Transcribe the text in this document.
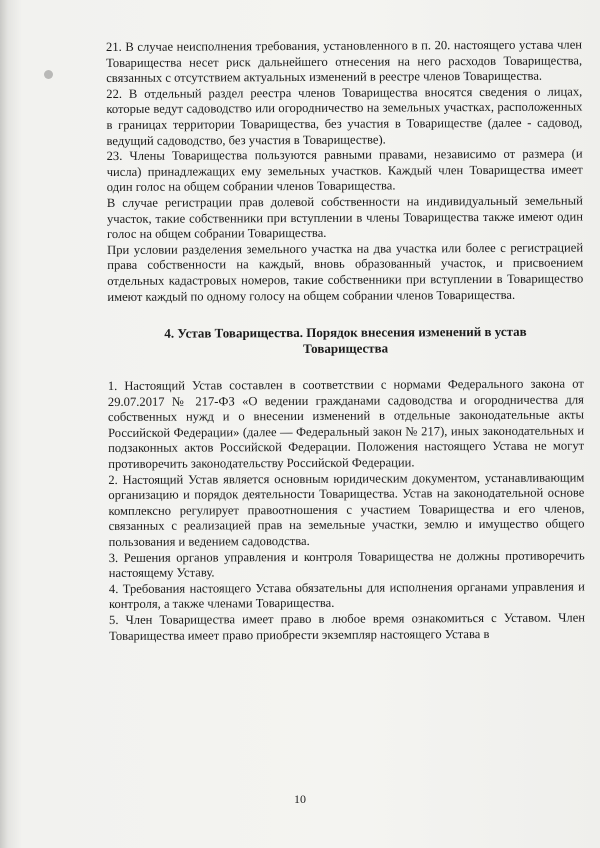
21. В случае неисполнения требования, установленного в п. 20. настоящего устава член Товарищества несет риск дальнейшего отнесения на него расходов Товарищества, связанных с отсутствием актуальных изменений в реестре членов Товарищества.

22. В отдельный раздел реестра членов Товарищества вносятся сведения о лицах, которые ведут садоводство или огородничество на земельных участках, расположенных в границах территории Товарищества, без участия в Товариществе (далее - садовод, ведущий садоводство, без участия в Товариществе).

23. Члены Товарищества пользуются равными правами, независимо от размера (и числа) принадлежащих ему земельных участков. Каждый член Товарищества имеет один голос на общем собрании членов Товарищества.

В случае регистрации прав долевой собственности на индивидуальный земельный участок, такие собственники при вступлении в члены Товарищества также имеют один голос на общем собрании Товарищества.

При условии разделения земельного участка на два участка или более с регистрацией права собственности на каждый, вновь образованный участок, и присвоением отдельных кадастровых номеров, такие собственники при вступлении в Товарищество имеют каждый по одному голосу на общем собрании членов Товарищества.

4. Устав Товарищества. Порядок внесения изменений в устав Товарищества

1. Настоящий Устав составлен в соответствии с нормами Федерального закона от 29.07.2017 № 217-ФЗ «О ведении гражданами садоводства и огородничества для собственных нужд и о внесении изменений в отдельные законодательные акты Российской Федерации» (далее — Федеральный закон № 217), иных законодательных и подзаконных актов Российской Федерации. Положения настоящего Устава не могут противоречить законодательству Российской Федерации.

2. Настоящий Устав является основным юридическим документом, устанавливающим организацию и порядок деятельности Товарищества. Устав на законодательной основе комплексно регулирует правоотношения с участием Товарищества и его членов, связанных с реализацией прав на земельные участки, землю и имущество общего пользования и ведением садоводства.

3. Решения органов управления и контроля Товарищества не должны противоречить настоящему Уставу.

4. Требования настоящего Устава обязательны для исполнения органами управления и контроля, а также членами Товарищества.

5. Член Товарищества имеет право в любое время ознакомиться с Уставом. Член Товарищества имеет право приобрести экземпляр настоящего Устава в

10
